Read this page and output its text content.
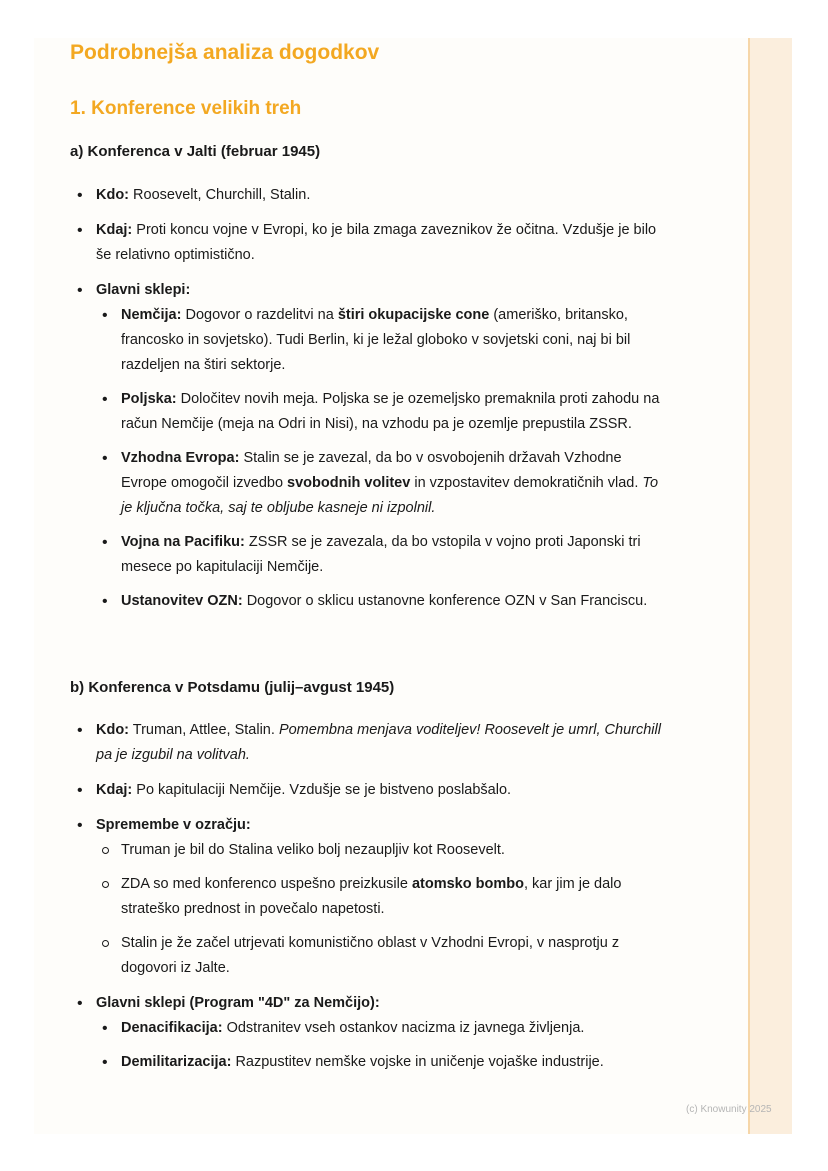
Podrobnejša analiza dogodkov
1. Konference velikih treh

a) Konferenca v Jalti (februar 1945)

• Kdo: Roosevelt, Churchill, Stalin.
• Kdaj: Proti koncu vojne v Evropi, ko je bila zmaga zaveznikov že očitna. Vzdušje je bilo še relativno optimistično.
• Glavni sklepi:
• Nemčija: Dogovor o razdelitvi na štiri okupacijske cone (ameriško, britansko, francosko in sovjetsko). Tudi Berlin, ki je ležal globoko v sovjetski coni, naj bi bil razdeljen na štiri sektorje.
• Poljska: Določitev novih meja. Poljska se je ozemeljsko premaknila proti zahodu na račun Nemčije (meja na Odri in Nisi), na vzhodu pa je ozemlje prepustila ZSSR.
• Vzhodna Evropa: Stalin se je zavezal, da bo v osvobojenih državah Vzhodne Evrope omogočil izvedbo svobodnih volitev in vzpostavitev demokratičnih vlad. To je ključna točka, saj te obljube kasneje ni izpolnil.
• Vojna na Pacifiku: ZSSR se je zavezala, da bo vstopila v vojno proti Japonski tri mesece po kapitulaciji Nemčije.
• Ustanovitev OZN: Dogovor o sklicu ustanovne konference OZN v San Franciscu.

b) Konferenca v Potsdamu (julij–avgust 1945)

• Kdo: Truman, Attlee, Stalin. Pomembna menjava voditeljev! Roosevelt je umrl, Churchill pa je izgubil na volitvah.
• Kdaj: Po kapitulaciji Nemčije. Vzdušje se je bistveno poslabšalo.
• Spremembe v ozračju:
Truman je bil do Stalina veliko bolj nezaupljiv kot Roosevelt.
ZDA so med konferenco uspešno preizkusile atomsko bombo, kar jim je dalo strateško prednost in povečalo napetosti.
Stalin je že začel utrjevati komunistično oblast v Vzhodni Evropi, v nasprotju z dogovori iz Jalte.
• Glavni sklepi (Program "4D" za Nemčijo):
• Denacifikacija: Odstranitev vseh ostankov nacizma iz javnega življenja.
• Demilitarizacija: Razpustitev nemške vojske in uničenje vojaške industrije.
(c) Knowunity 2025
